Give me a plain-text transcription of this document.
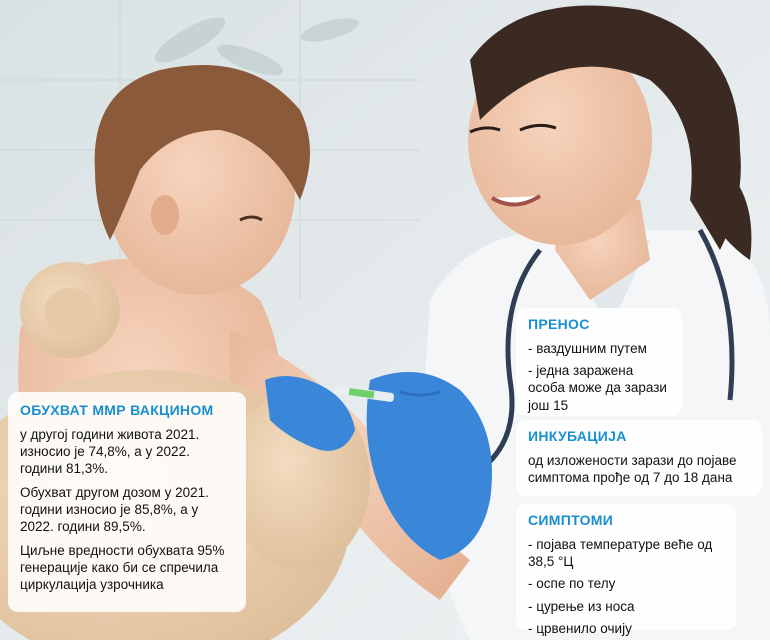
ОБУХВАТ ММР ВАКЦИНОМ

у другој години живота 2021. износио је 74,8%, а у 2022. години 81,3%.

Обухват другом дозом у 2021. години износио је 85,8%, а у 2022. години 89,5%.

Циљне вредности обухвата 95% генерације како би се спречила циркулација узрочника

ПРЕНОС
- ваздушним путем
- једна заражена особа може да зарази још 15
ИНКУБАЦИЈА
од изложености зарази до појаве симптома прође од 7 до 18 дана
СИМПТОМИ
- појава температуре веће од 38,5 °Ц
- оспе по телу
- цурење из носа
- црвенило очију
